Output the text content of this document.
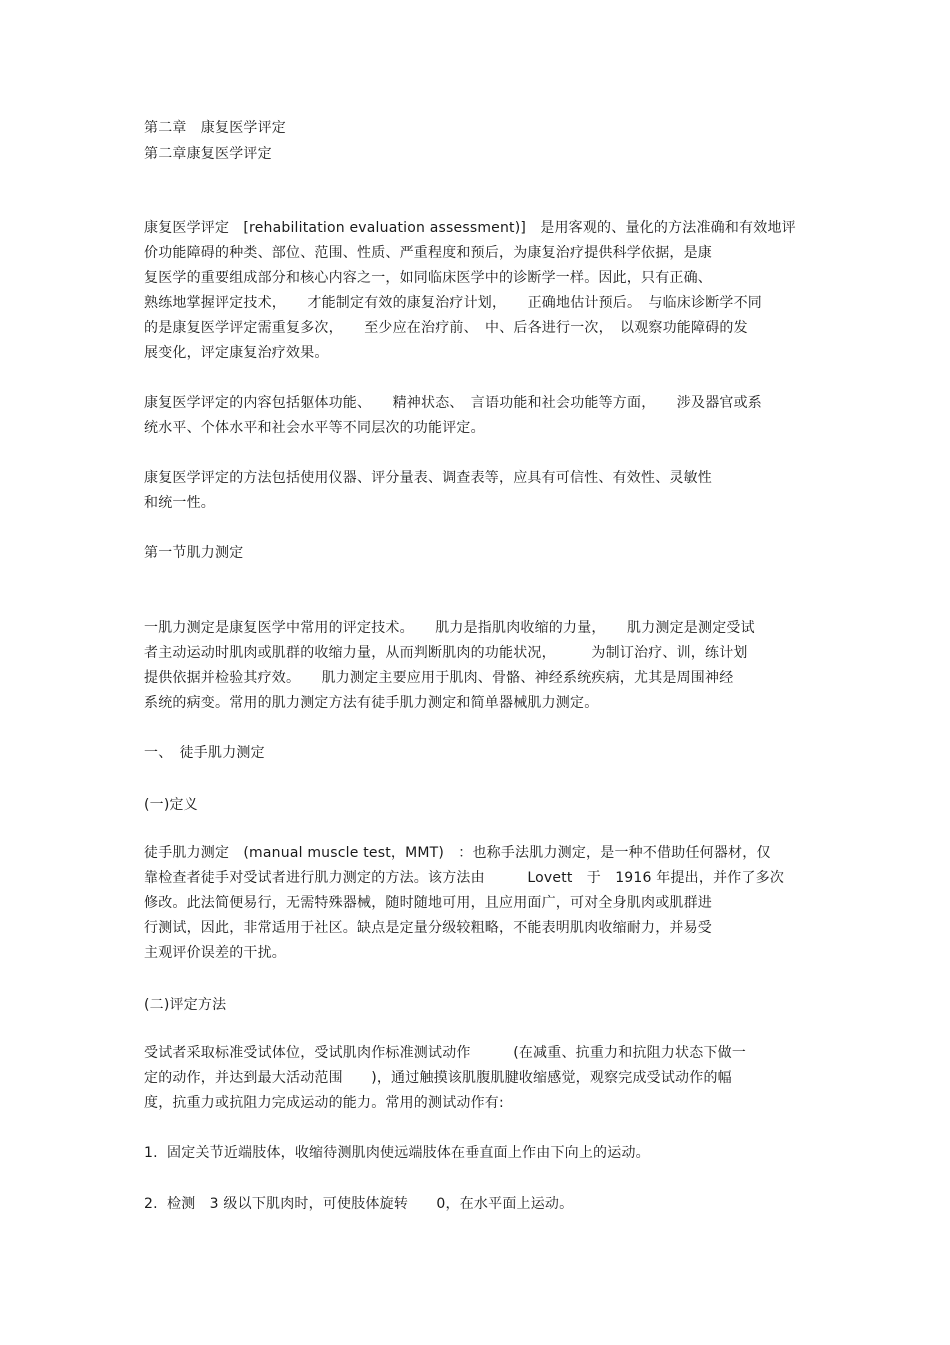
第二章　康复医学评定
第二章康复医学评定
康复医学评定　[rehabilitation evaluation assessment)]　是用客观的、量化的方法准确和有效地评
价功能障碍的种类、部位、范围、性质、严重程度和预后，为康复治疗提供科学依据，是康
复医学的重要组成部分和核心内容之一，如同临床医学中的诊断学一样。因此，只有正确、
熟练地掌握评定技术，　　才能制定有效的康复治疗计划，　　正确地估计预后。　与临床诊断学不同
的是康复医学评定需重复多次，　　至少应在治疗前、　中、后各进行一次，　以观察功能障碍的发
展变化，评定康复治疗效果。
康复医学评定的内容包括躯体功能、　　精神状态、　言语功能和社会功能等方面，　　涉及器官或系
统水平、个体水平和社会水平等不同层次的功能评定。
康复医学评定的方法包括使用仪器、评分量表、调查表等，应具有可信性、有效性、灵敏性
和统一性。
第一节肌力测定
一肌力测定是康复医学中常用的评定技术。　　肌力是指肌肉收缩的力量，　　肌力测定是测定受试
者主动运动时肌肉或肌群的收缩力量，从而判断肌肉的功能状况，　　　为制订治疗、训，练计划
提供依据并检验其疗效。　　肌力测定主要应用于肌肉、骨骼、神经系统疾病，尤其是周围神经
系统的病变。常用的肌力测定方法有徒手肌力测定和简单器械肌力测定。
一、　徒手肌力测定
(一)定义
徒手肌力测定　(manual muscle test，MMT)　：也称手法肌力测定，是一种不借助任何器材，仅
靠检查者徒手对受试者进行肌力测定的方法。该方法由　　　Lovett　于　1916 年提出，并作了多次
修改。此法简便易行，无需特殊器械，随时随地可用，且应用面广，可对全身肌肉或肌群进
行测试，因此，非常适用于社区。缺点是定量分级较粗略，不能表明肌肉收缩耐力，并易受
主观评价误差的干扰。
(二)评定方法
受试者采取标准受试体位，受试肌肉作标准测试动作　　　(在减重、抗重力和抗阻力状态下做一
定的动作，并达到最大活动范围　　)，通过触摸该肌腹肌腱收缩感觉，观察完成受试动作的幅
度，抗重力或抗阻力完成运动的能力。常用的测试动作有:
1.  固定关节近端肢体，收缩待测肌肉使远端肢体在垂直面上作由下向上的运动。
2.  检测　3 级以下肌肉时，可使肢体旋转　　0，在水平面上运动。
